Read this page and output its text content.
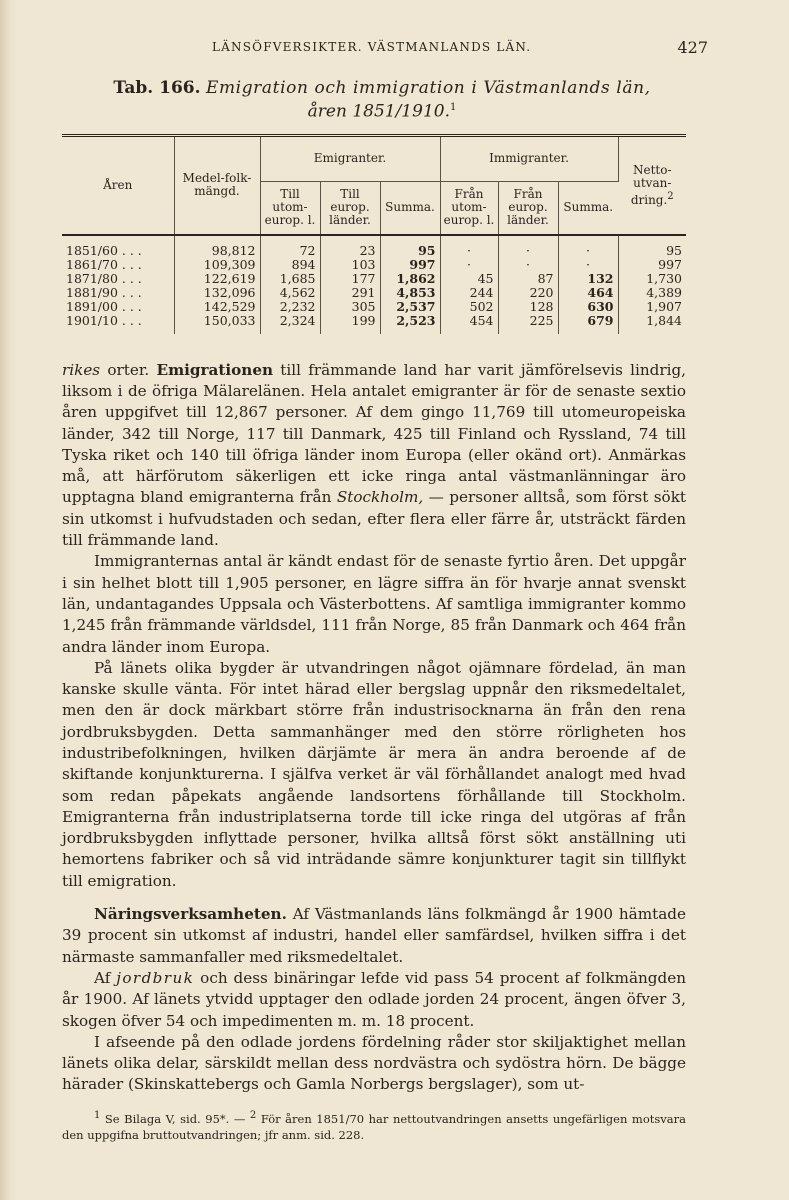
LÄNSÖFVERSIKTER. VÄSTMANLANDS LÄN.	427
Tab. 166. Emigration och immigration i Västmanlands län,
åren 1851/1910.$^1$
Åren	Medel-folk-mängd.	Emigranter.			Immigranter.			Netto-utvan-dring.$^2$
		Till utom-europ. l.	Till europ. länder.	Summa.	Från utom-europ. l.	Från europ. länder.	Summa.	
1851/60 . . .	98,812	72	23	95	·	·	·	95
1861/70 . . .	109,309	894	103	997	·	·	·	997
1871/80 . . .	122,619	1,685	177	1,862	45	87	132	1,730
1881/90 . . .	132,096	4,562	291	4,853	244	220	464	4,389
1891/00 . . .	142,529	2,232	305	2,537	502	128	630	1,907
1901/10 . . .	150,033	2,324	199	2,523	454	225	679	1,844

rikes orter. Emigrationen till främmande land har varit jämförelsevis lindrig, liksom i de öfriga Mälarelänen. Hela antalet emigranter är för de senaste sextio åren uppgifvet till 12,867 personer. Af dem gingo 11,769 till utomeuropeiska länder, 342 till Norge, 117 till Danmark, 425 till Finland och Ryssland, 74 till Tyska riket och 140 till öfriga länder inom Europa (eller okänd ort). Anmärkas må, att härförutom säkerligen ett icke ringa antal västmanlänningar äro upptagna bland emigranterna från Stockholm, — personer alltså, som först sökt sin utkomst i hufvudstaden och sedan, efter flera eller färre år, utsträckt färden till främmande land.

Immigranternas antal är kändt endast för de senaste fyrtio åren. Det uppgår i sin helhet blott till 1,905 personer, en lägre siffra än för hvarje annat svenskt län, undantagandes Uppsala och Västerbottens. Af samtliga immigranter kommo 1,245 från främmande världsdel, 111 från Norge, 85 från Danmark och 464 från andra länder inom Europa.

På länets olika bygder är utvandringen något ojämnare fördelad, än man kanske skulle vänta. För intet härad eller bergslag uppnår den riksmedeltalet, men den är dock märkbart större från industrisocknarna än från den rena jordbruksbygden. Detta sammanhänger med den större rörligheten hos industribefolkningen, hvilken därjämte är mera än andra beroende af de skiftande konjunkturerna. I själfva verket är väl förhållandet analogt med hvad som redan påpekats angående landsortens förhållande till Stockholm. Emigranterna från industriplatserna torde till icke ringa del utgöras af från jordbruksbygden inflyttade personer, hvilka alltså först sökt anställning uti hemortens fabriker och så vid inträdande sämre konjunkturer tagit sin tillflykt till emigration.

Näringsverksamheten. Af Västmanlands läns folkmängd år 1900 hämtade 39 procent sin utkomst af industri, handel eller samfärdsel, hvilken siffra i det närmaste sammanfaller med riksmedeltalet.

Af jordbruk och dess binäringar lefde vid pass 54 procent af folkmängden år 1900. Af länets ytvidd upptager den odlade jorden 24 procent, ängen öfver 3, skogen öfver 54 och impedimenten m. m. 18 procent.

I afseende på den odlade jordens fördelning råder stor skiljaktighet mellan länets olika delar, särskildt mellan dess nordvästra och sydöstra hörn. De bägge härader (Skinskattebergs och Gamla Norbergs bergslager), som ut-

$^1$ Se Bilaga V, sid. 95*. — $^2$ För åren 1851/70 har nettoutvandringen ansetts ungefärligen motsvara den uppgifna bruttoutvandringen; jfr anm. sid. 228.
